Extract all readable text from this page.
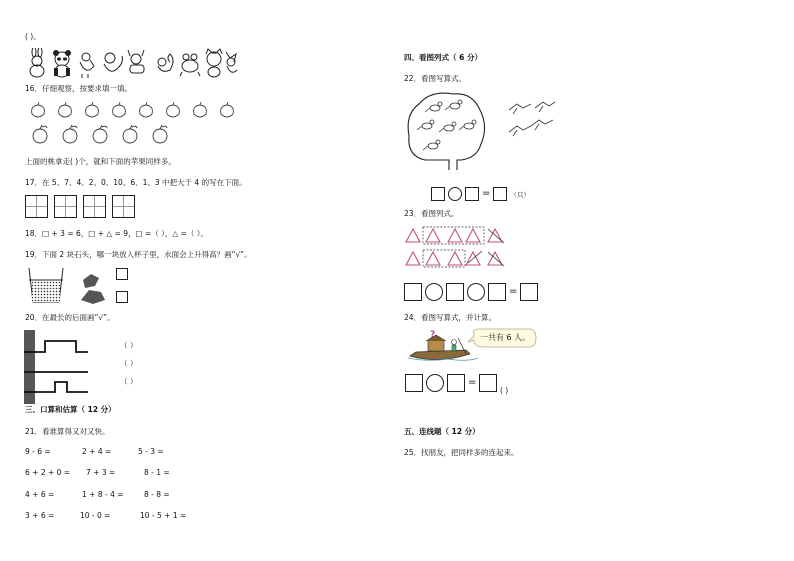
( )。
16．仔细观察，按要求填一填。
上面的桃拿走( )个，就和下面的苹果同样多。
17．在 5、7、4、2、0、10、6、1、3 中把大于 4 的写在下面。
18．□ + 3 = 6，□ + △ = 9，□ =（ ），△ =（ ）。
19．下面 2 块石头，哪一块放入杯子里，水面会上升得高？画“√”。
20．在最长的后面画“√”。

（ ）
（ ）
（ ）
三、口算和估算（ 12 分）
21．看谁算得又对又快。
9 - 6 =	2 + 4 =	5 - 3 =
6 + 2 + 0 = 7 + 3 =	8 - 1 =
4 + 6 =	1 + 8 - 4 =	8 - 8 =
3 + 6 =	10 - 0 =	10 - 5 + 1 =
四、看图列式（ 6 分）
22．看图写算式。
=	（只）
23．看图列式。
=
24．看图写算式，并计算。
?	一共有 6 人。
=
( )
五、连线题（ 12 分）
25．找朋友，把同样多的连起来。
